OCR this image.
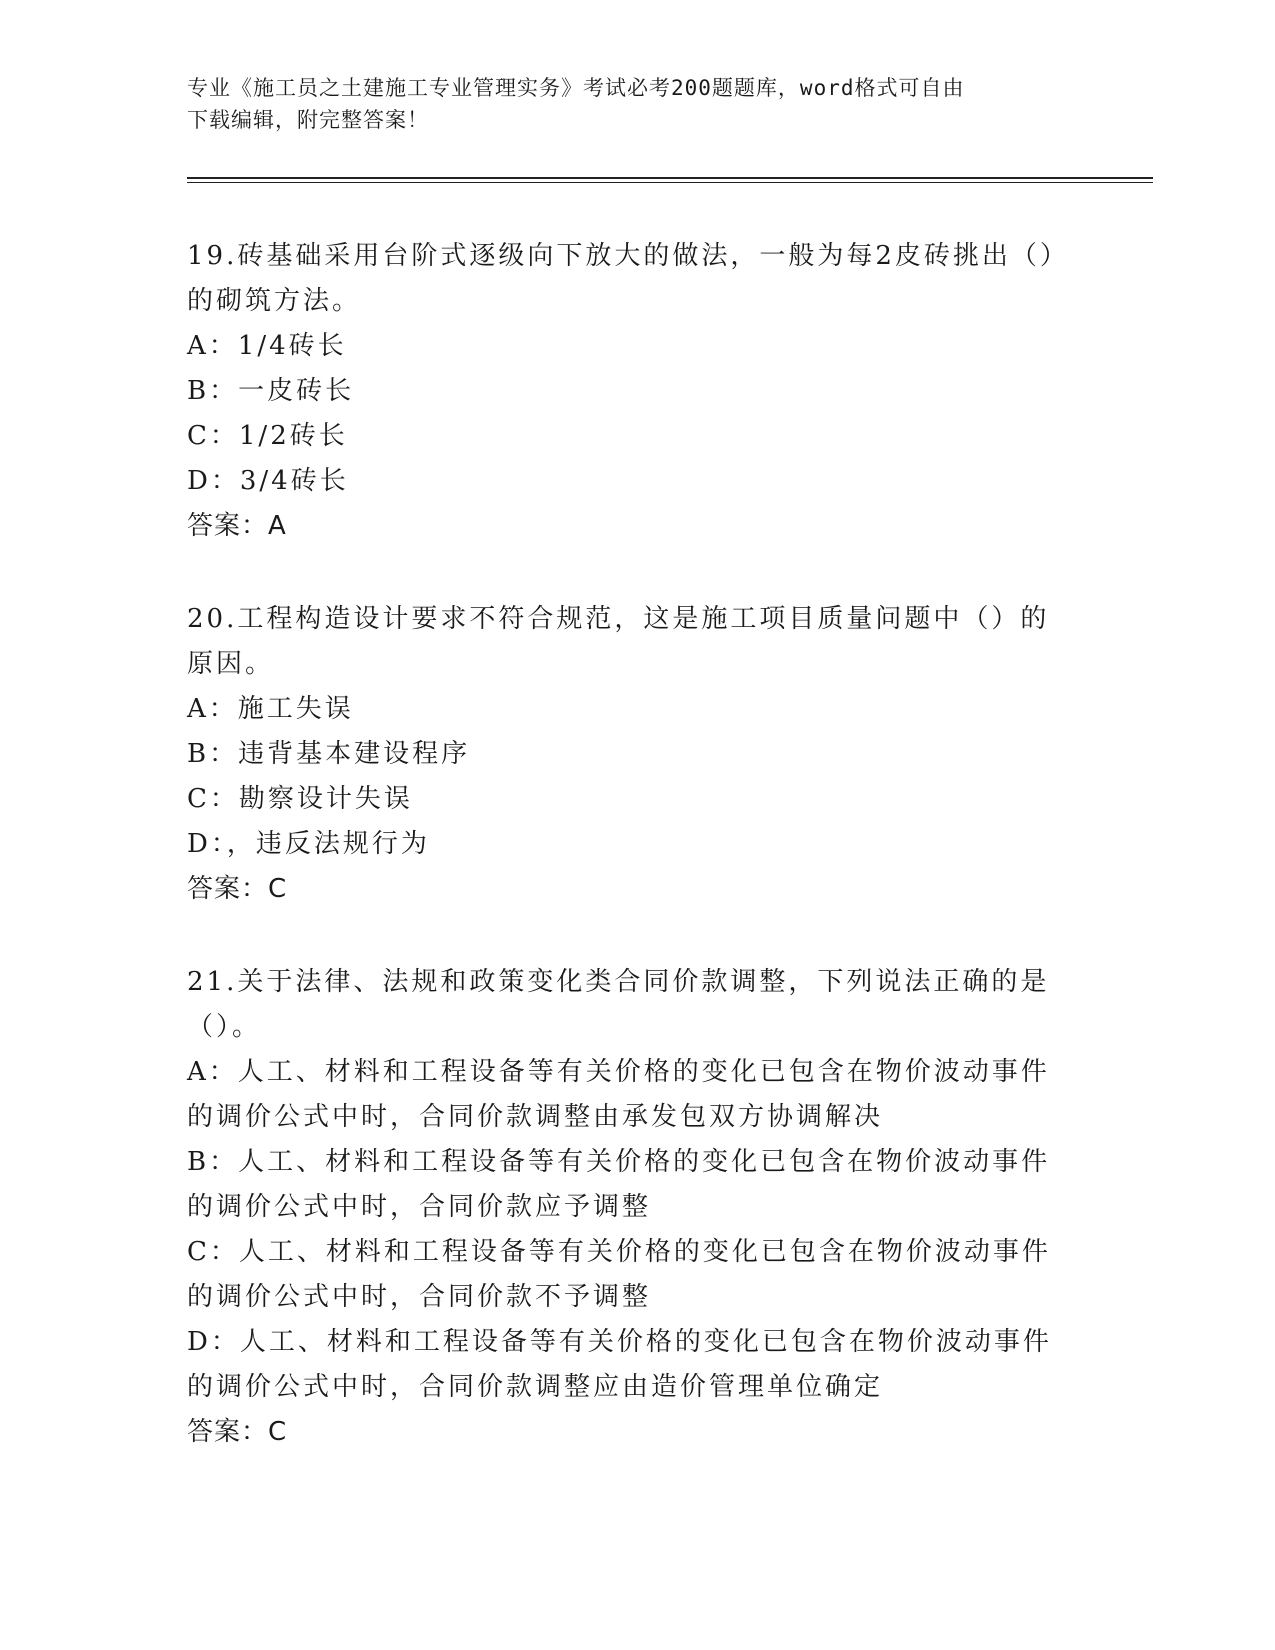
专业《施工员之土建施工专业管理实务》考试必考200题题库，word格式可自由
下载编辑，附完整答案！

19.砖基础采用台阶式逐级向下放大的做法，一般为每2皮砖挑出（）的砌筑方法。

A：1/4砖长

B：一皮砖长

C：1/2砖长

D：3/4砖长

答案：A

20.工程构造设计要求不符合规范，这是施工项目质量问题中（）的原因。

A：施工失误

B：违背基本建设程序

C：勘察设计失误

D：，违反法规行为

答案：C

21.关于法律、法规和政策变化类合同价款调整，下列说法正确的是（）。

A：人工、材料和工程设备等有关价格的变化已包含在物价波动事件的调价公式中时，合同价款调整由承发包双方协调解决

B：人工、材料和工程设备等有关价格的变化已包含在物价波动事件的调价公式中时，合同价款应予调整

C：人工、材料和工程设备等有关价格的变化已包含在物价波动事件的调价公式中时，合同价款不予调整

D：人工、材料和工程设备等有关价格的变化已包含在物价波动事件的调价公式中时，合同价款调整应由造价管理单位确定

答案：C
